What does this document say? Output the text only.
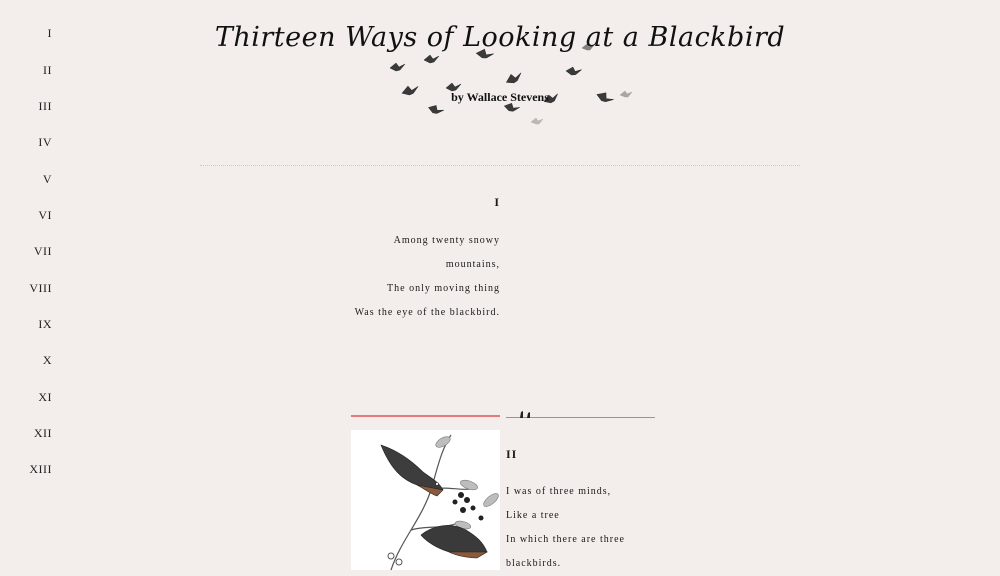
I
II
III
IV
V
VI
VII
VIII
IX
X
XI
XII
XIII
Thirteen Ways of Looking at a Blackbird
by Wallace Stevens
I
Among twenty snowy
mountains,
The only moving thing
Was the eye of the blackbird.
II
I was of three minds,
Like a tree
In which there are three
blackbirds.
